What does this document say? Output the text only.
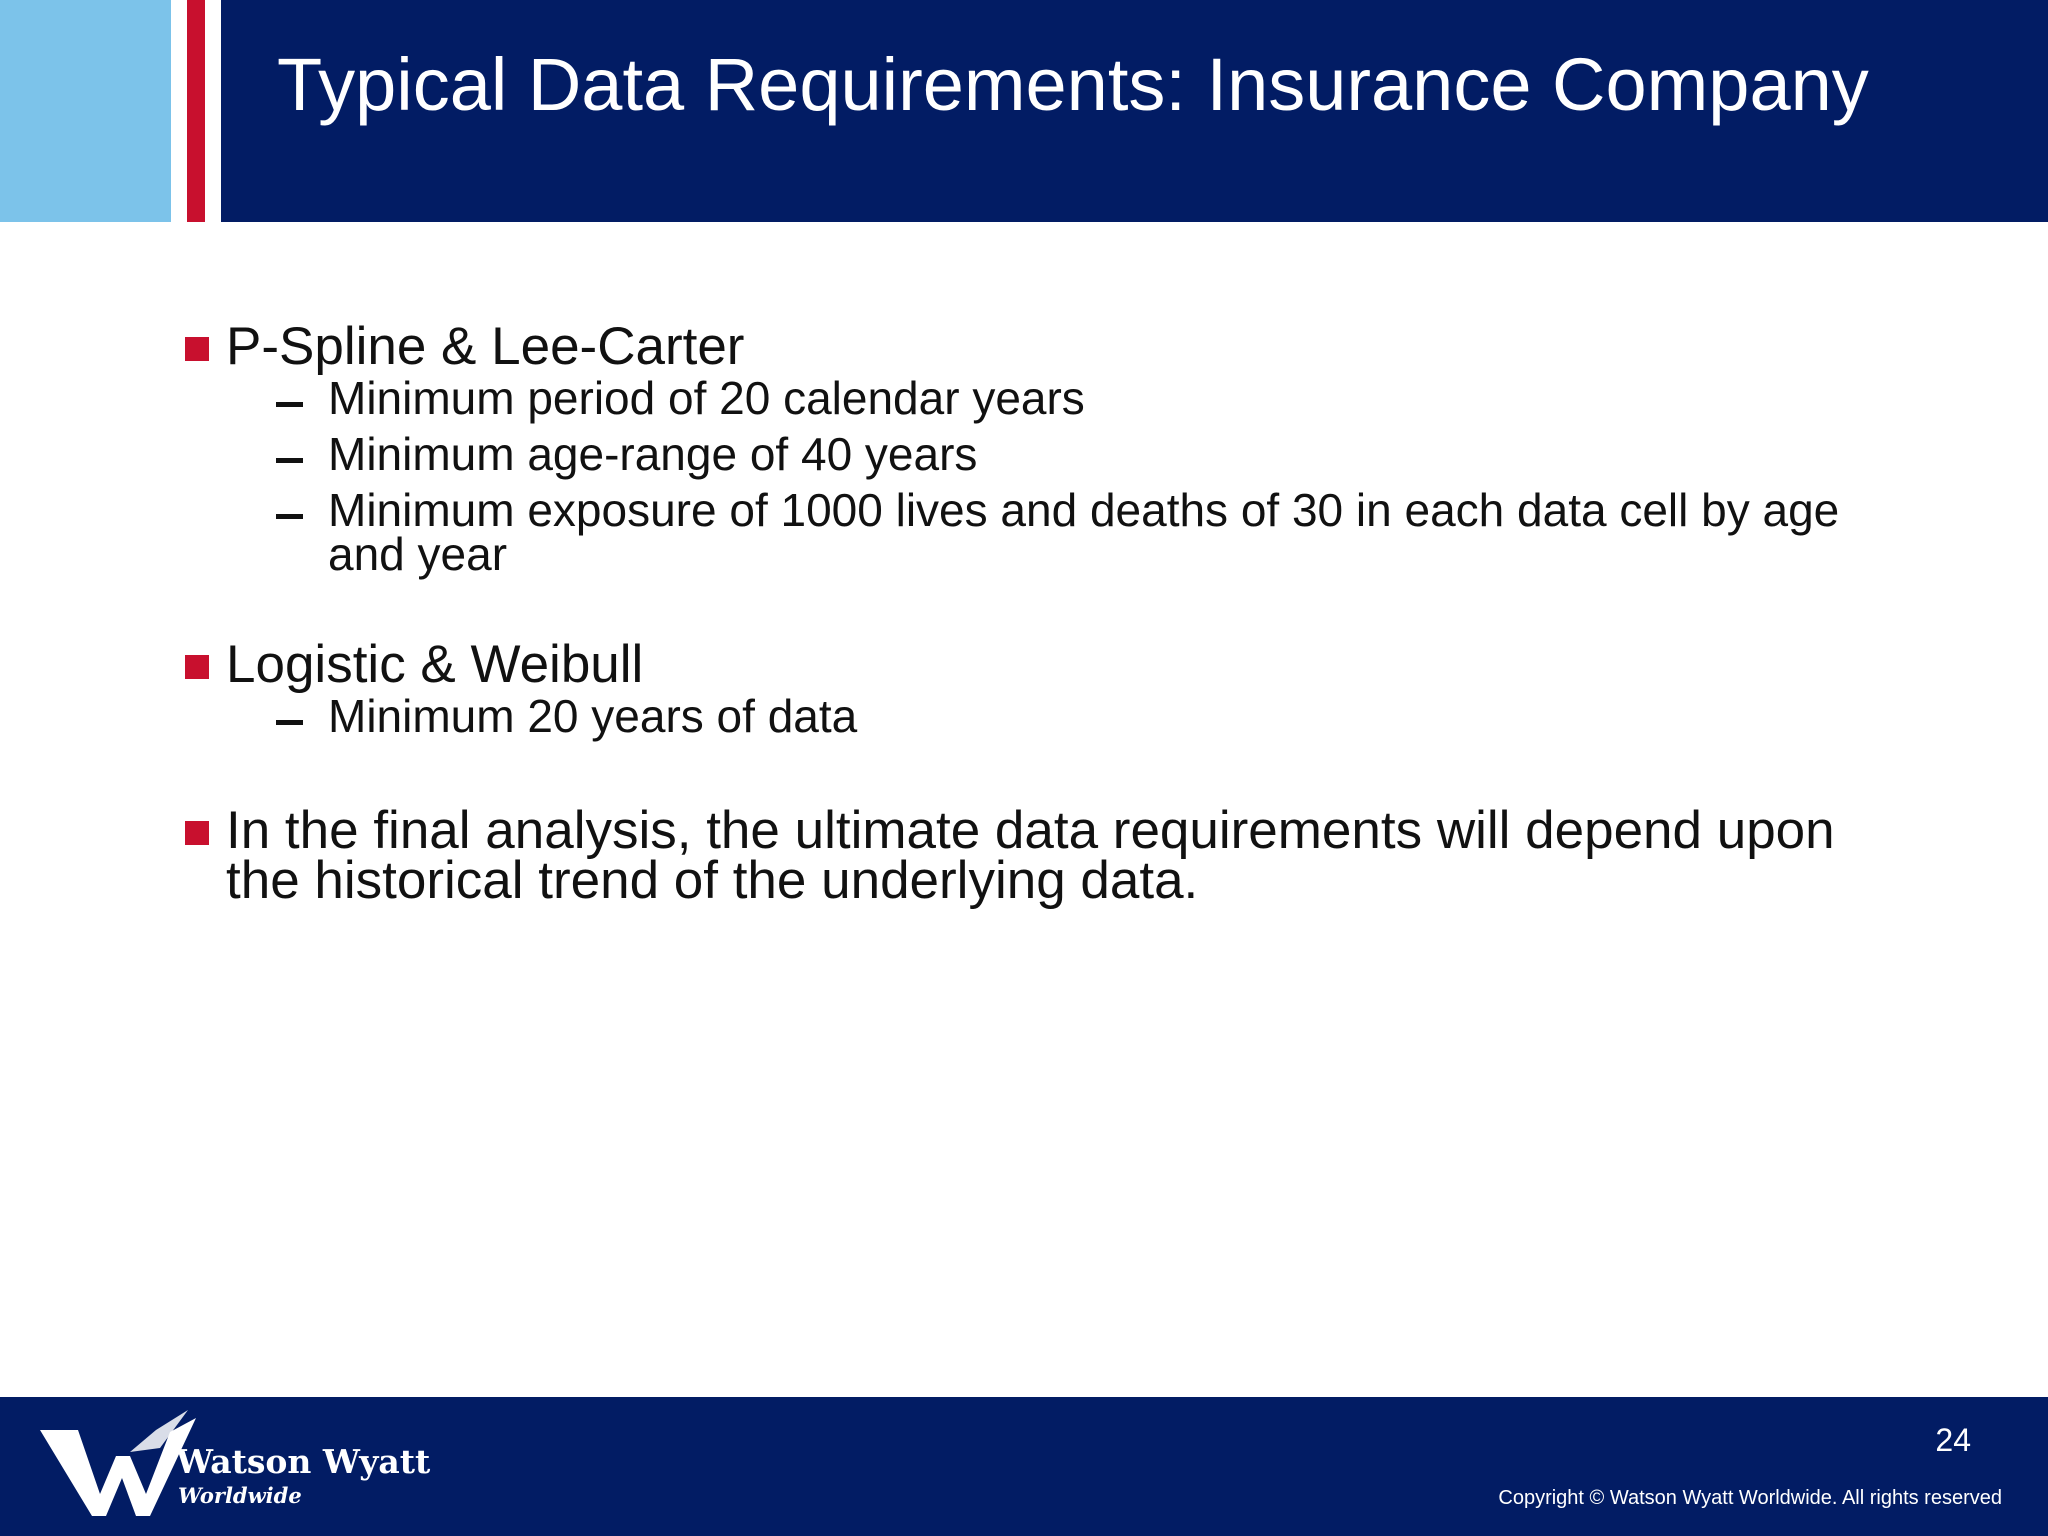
Typical Data Requirements: Insurance Company
P-Spline & Lee-Carter
Minimum period of 20 calendar years
Minimum age-range of 40 years
Minimum exposure of 1000 lives and deaths of 30 in each data cell by age and year
Logistic & Weibull
Minimum 20 years of data
In the final analysis, the ultimate data requirements will depend upon the historical trend of the underlying data.
Watson Wyatt
Worldwide
24
Copyright © Watson Wyatt Worldwide. All rights reserved
